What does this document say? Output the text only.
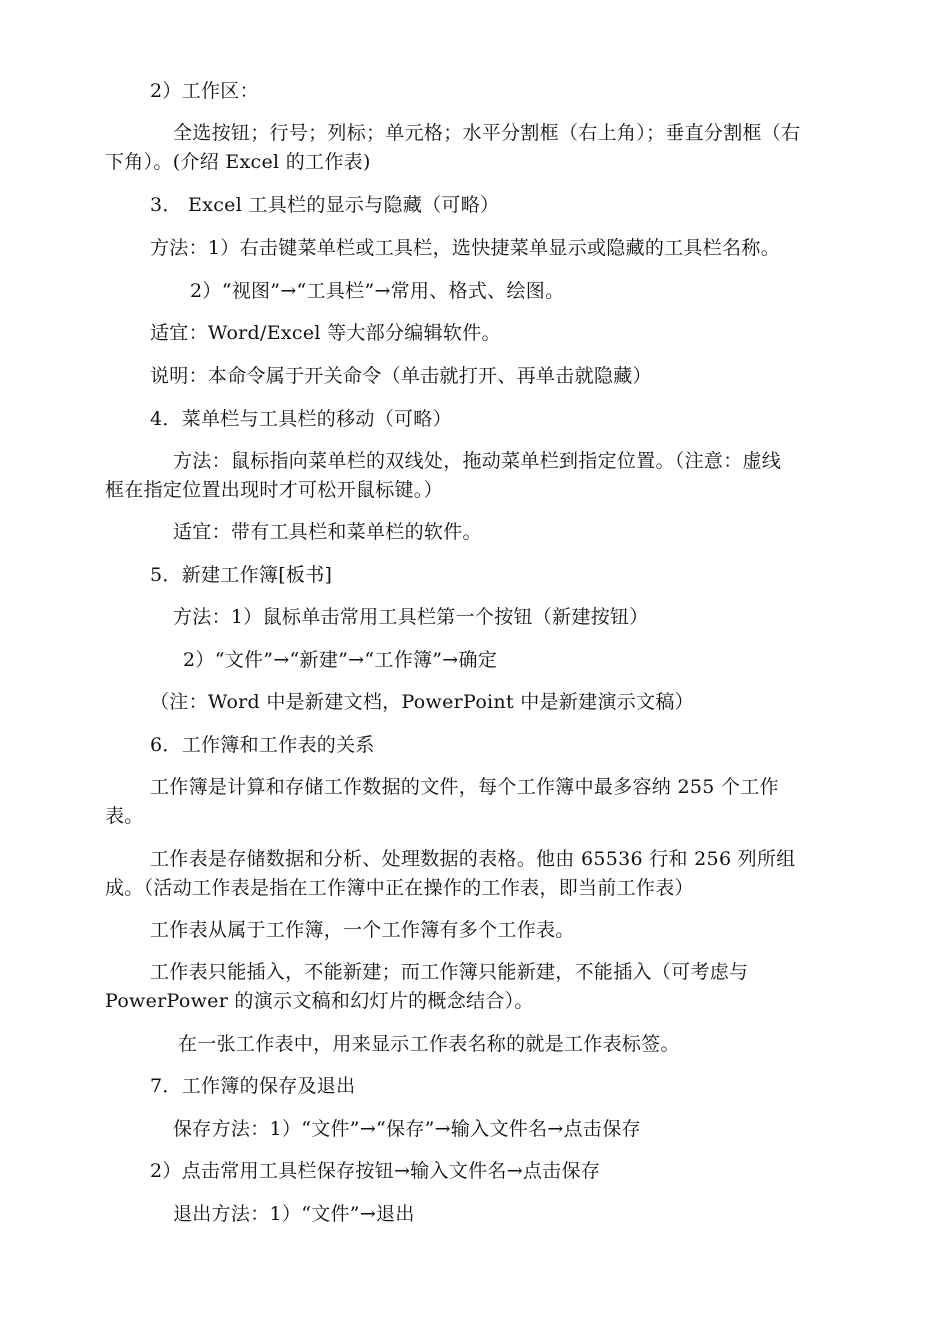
2）工作区：
全选按钮；行号；列标；单元格；水平分割框（右上角）；垂直分割框（右
下角）。(介绍 Excel 的工作表)
3． Excel 工具栏的显示与隐藏（可略）
方法：1）右击键菜单栏或工具栏，选快捷菜单显示或隐藏的工具栏名称。
2）“视图”→“工具栏”→常用、格式、绘图。
适宜：Word/Excel 等大部分编辑软件。
说明：本命令属于开关命令（单击就打开、再单击就隐藏）
4．菜单栏与工具栏的移动（可略）
方法：鼠标指向菜单栏的双线处，拖动菜单栏到指定位置。（注意：虚线
框在指定位置出现时才可松开鼠标键。）
适宜：带有工具栏和菜单栏的软件。
5．新建工作簿[板书]
方法：1）鼠标单击常用工具栏第一个按钮（新建按钮）
2）“文件”→“新建”→“工作簿”→确定
（注：Word 中是新建文档，PowerPoint 中是新建演示文稿）
6．工作簿和工作表的关系
工作簿是计算和存储工作数据的文件，每个工作簿中最多容纳 255 个工作
表。
工作表是存储数据和分析、处理数据的表格。他由 65536 行和 256 列所组
成。（活动工作表是指在工作簿中正在操作的工作表，即当前工作表）
工作表从属于工作簿，一个工作簿有多个工作表。
工作表只能插入，不能新建；而工作簿只能新建，不能插入（可考虑与
PowerPower 的演示文稿和幻灯片的概念结合）。
在一张工作表中，用来显示工作表名称的就是工作表标签。
7．工作簿的保存及退出
保存方法：1）“文件”→“保存”→输入文件名→点击保存
2）点击常用工具栏保存按钮→输入文件名→点击保存
退出方法：1）“文件”→退出
